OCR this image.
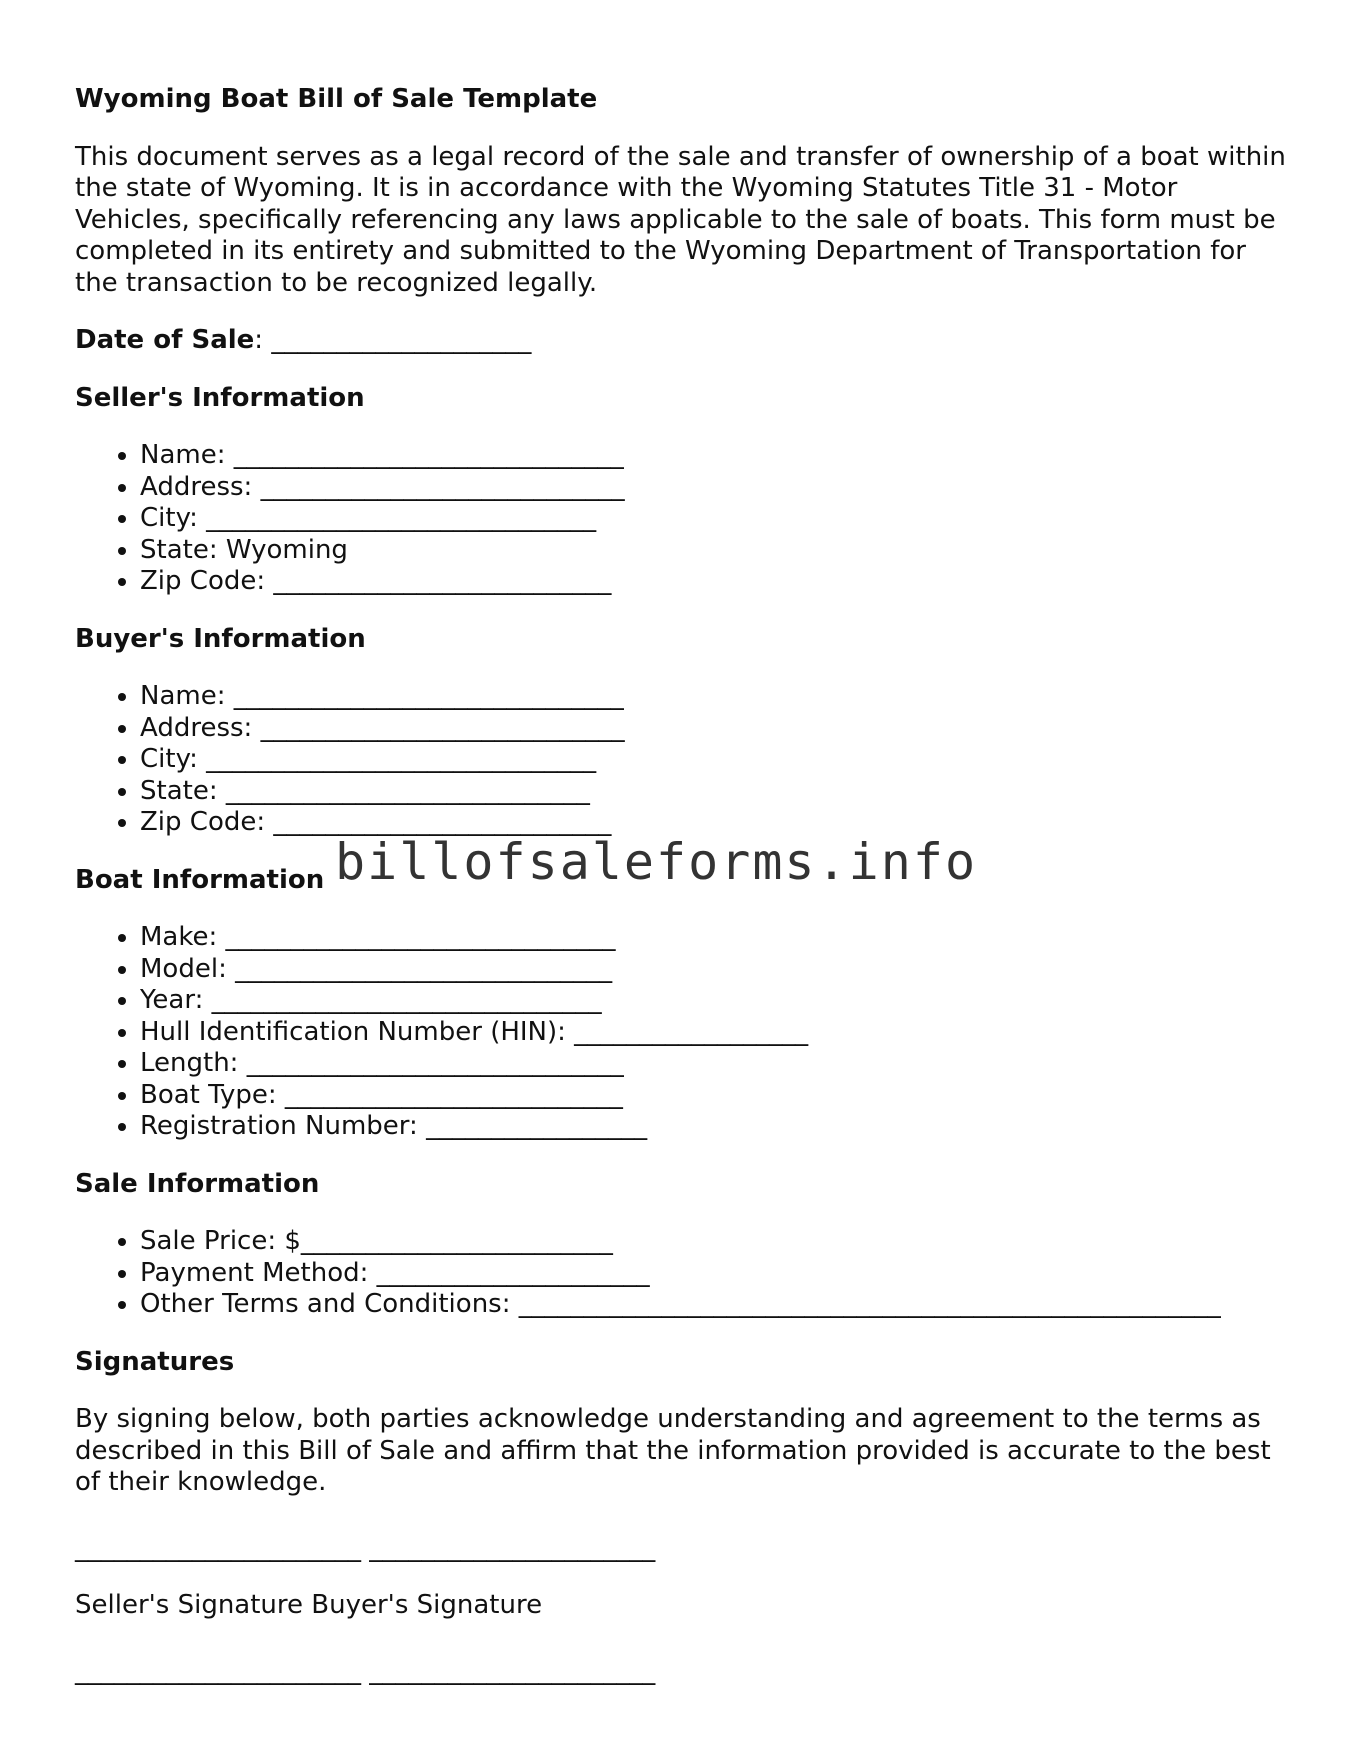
Wyoming Boat Bill of Sale Template

This document serves as a legal record of the sale and transfer of ownership of a boat within the state of Wyoming. It is in accordance with the Wyoming Statutes Title 31 - Motor Vehicles, specifically referencing any laws applicable to the sale of boats. This form must be completed in its entirety and submitted to the Wyoming Department of Transportation for the transaction to be recognized legally.

Date of Sale: ____________________
Seller's Information
• Name: ______________________________
• Address: ____________________________
• City: ______________________________
• State: Wyoming
• Zip Code: __________________________
Buyer's Information
• Name: ______________________________
• Address: ____________________________
• City: ______________________________
• State: ____________________________
• Zip Code: __________________________
Boat Information billofsaleforms.info
• Make: ______________________________
• Model: _____________________________
• Year: ______________________________
• Hull Identification Number (HIN): __________________
• Length: _____________________________
• Boat Type: __________________________
• Registration Number: _________________
Sale Information
• Sale Price: $________________________
• Payment Method: _____________________
• Other Terms and Conditions: ______________________________________________________
Signatures

By signing below, both parties acknowledge understanding and agreement to the terms as described in this Bill of Sale and affirm that the information provided is accurate to the best of their knowledge.

______________________ ______________________
Seller's Signature Buyer's Signature
______________________ ______________________
